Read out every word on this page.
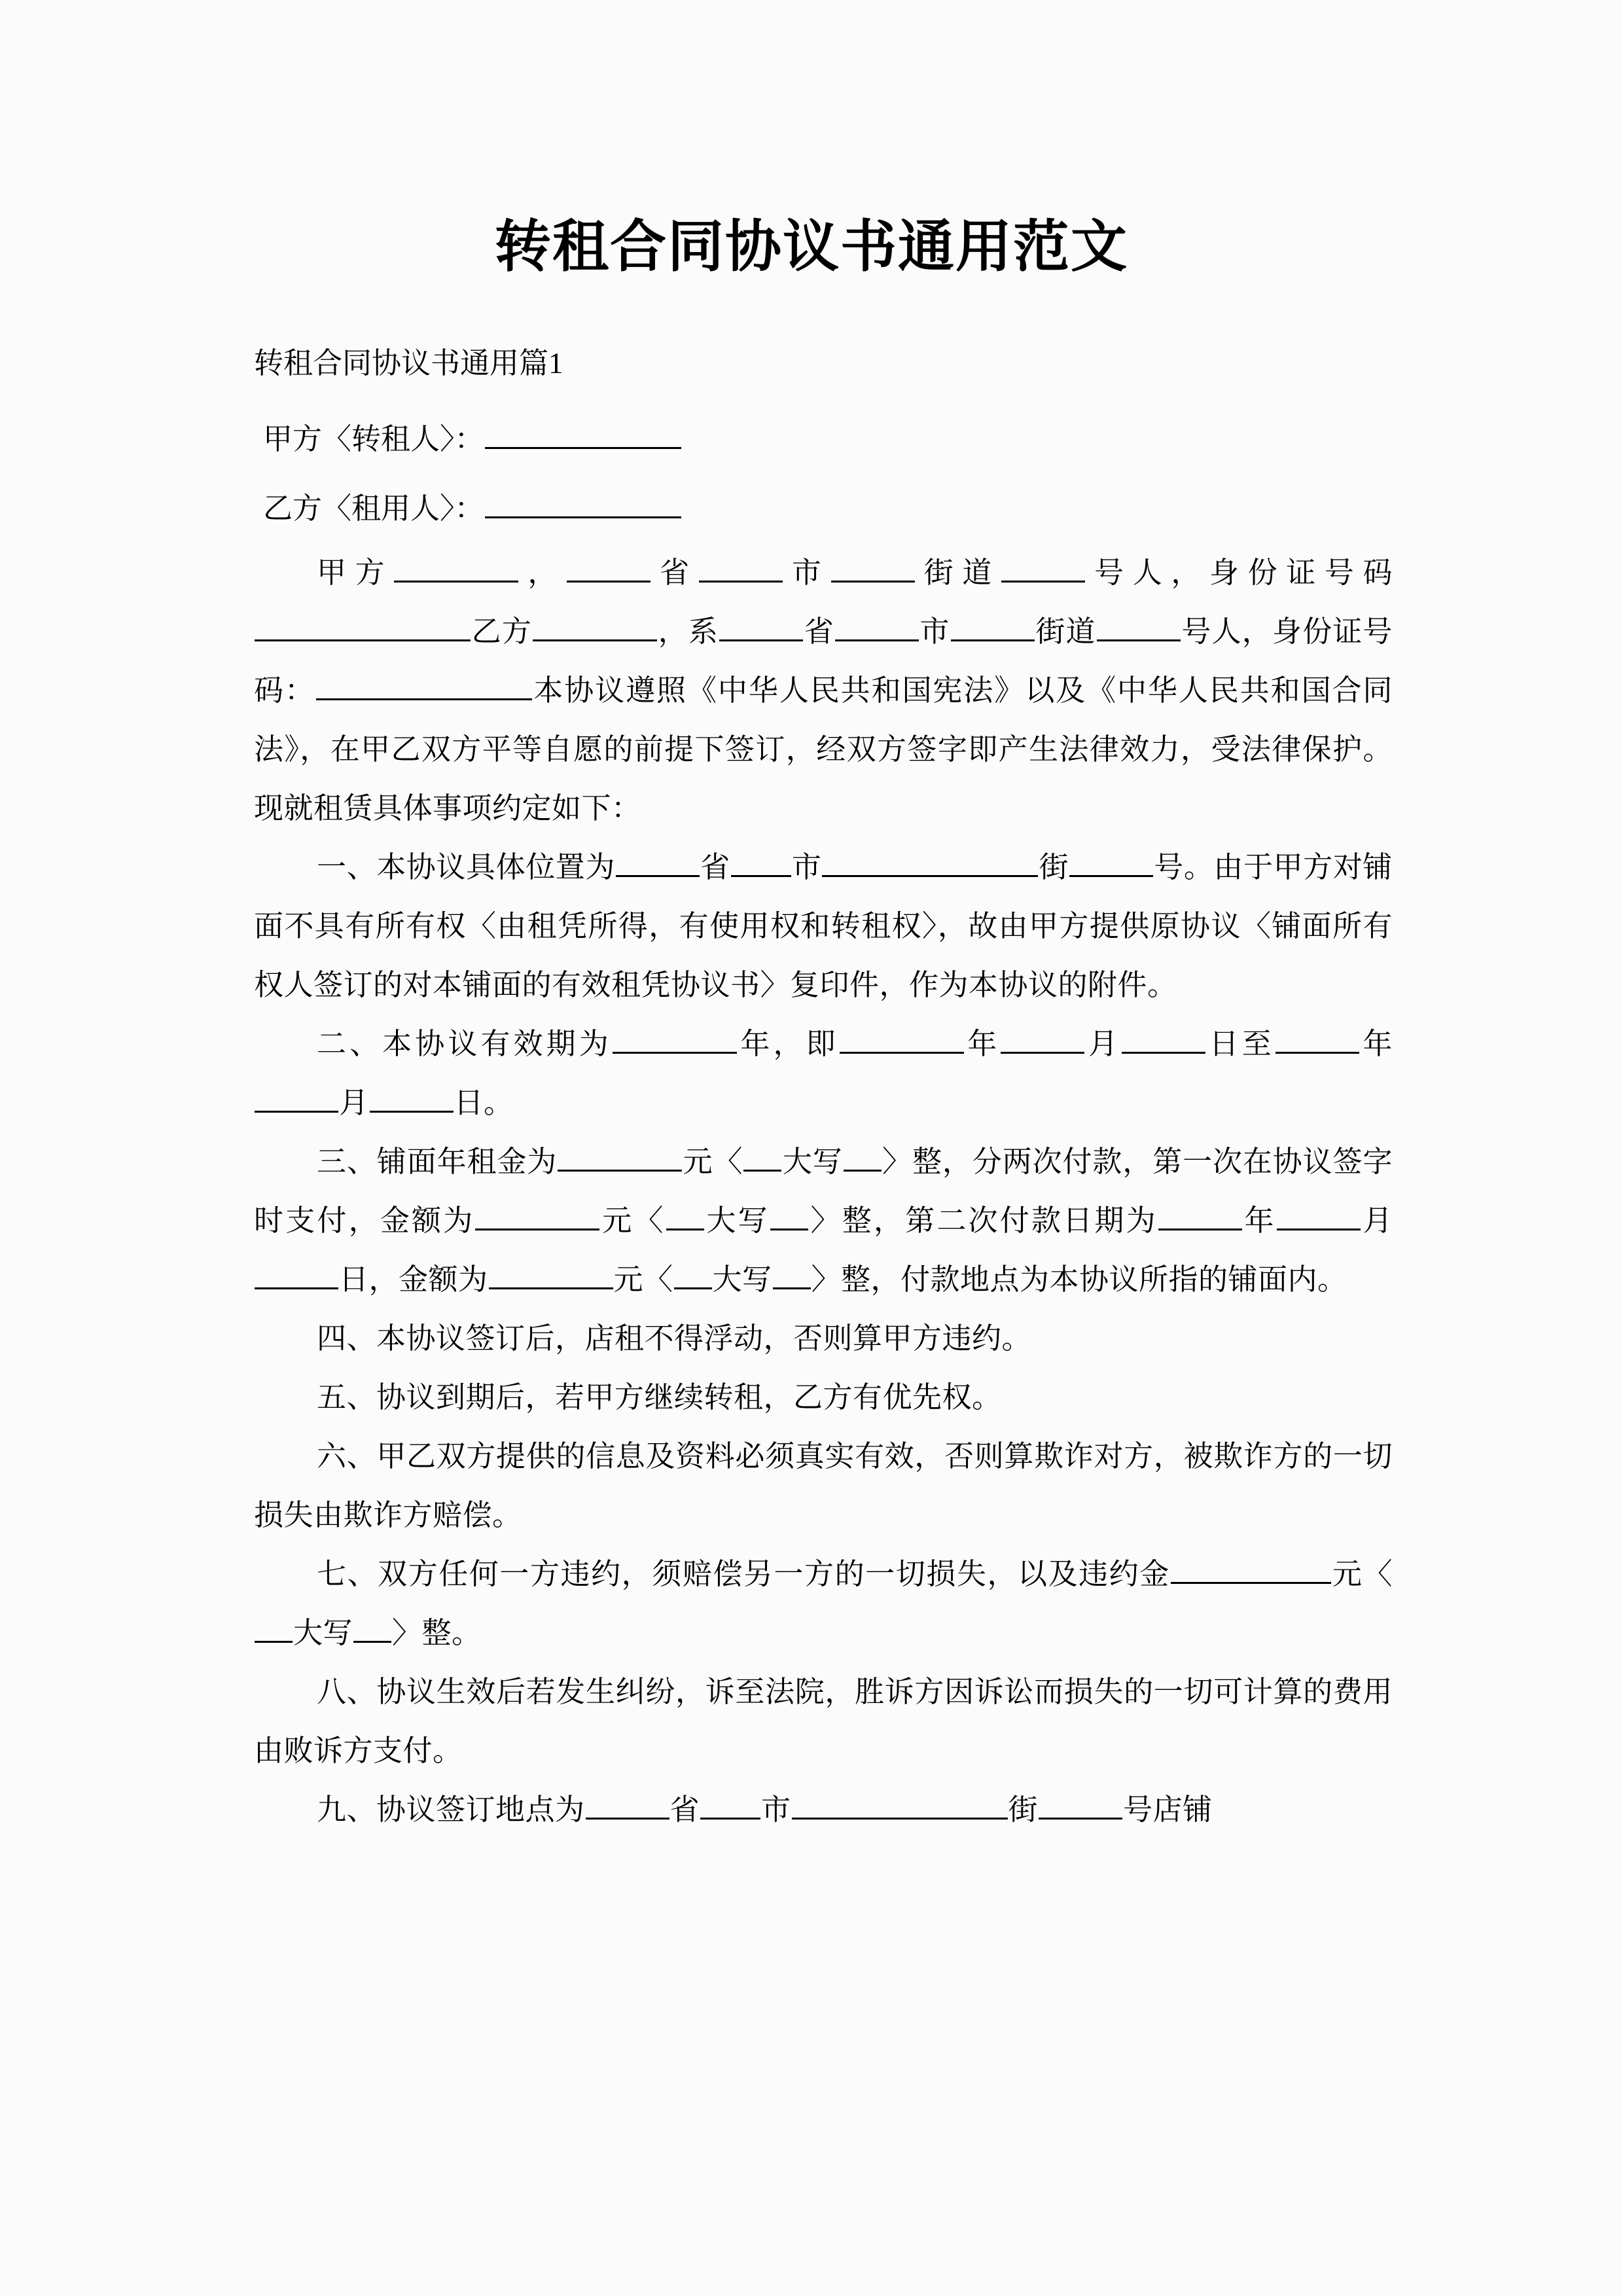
转租合同协议书通用范文

转租合同协议书通用篇1

甲方〈转租人〉：

乙方〈租用人〉：

甲方	，	省	市	街道	号人，身份证号码乙方	，系	省	市	街道	号人，身份证号码：	本协议遵照《中华人民共和国宪法》以及《中华人民共和国合同法》，在甲乙双方平等自愿的前提下签订，经双方签字即产生法律效力，受法律保护。现就租赁具体事项约定如下：

一、本协议具体位置为	省 市	街	号。由于甲方对铺面不具有所有权〈由租凭所得，有使用权和转租权〉，故由甲方提供原协议〈铺面所有权人签订的对本铺面的有效租凭协议书〉复印件，作为本协议的附件。

二、本协议有效期为	年，即	年	月	日至	年月	日。

三、铺面年租金为	元〈 大写 〉整，分两次付款，第一次在协议签字时支付，金额为	元〈 大写 〉整，第二次付款日期为	年	月日，金额为	元〈 大写 〉整，付款地点为本协议所指的铺面内。

四、本协议签订后，店租不得浮动，否则算甲方违约。

五、协议到期后，若甲方继续转租，乙方有优先权。

六、甲乙双方提供的信息及资料必须真实有效，否则算欺诈对方，被欺诈方的一切损失由欺诈方赔偿。

七、双方任何一方违约，须赔偿另一方的一切损失，以及违约金	元〈大写 〉整。

八、协议生效后若发生纠纷，诉至法院，胜诉方因诉讼而损失的一切可计算的费用由败诉方支付。

九、协议签订地点为	省 市	街	号店铺
